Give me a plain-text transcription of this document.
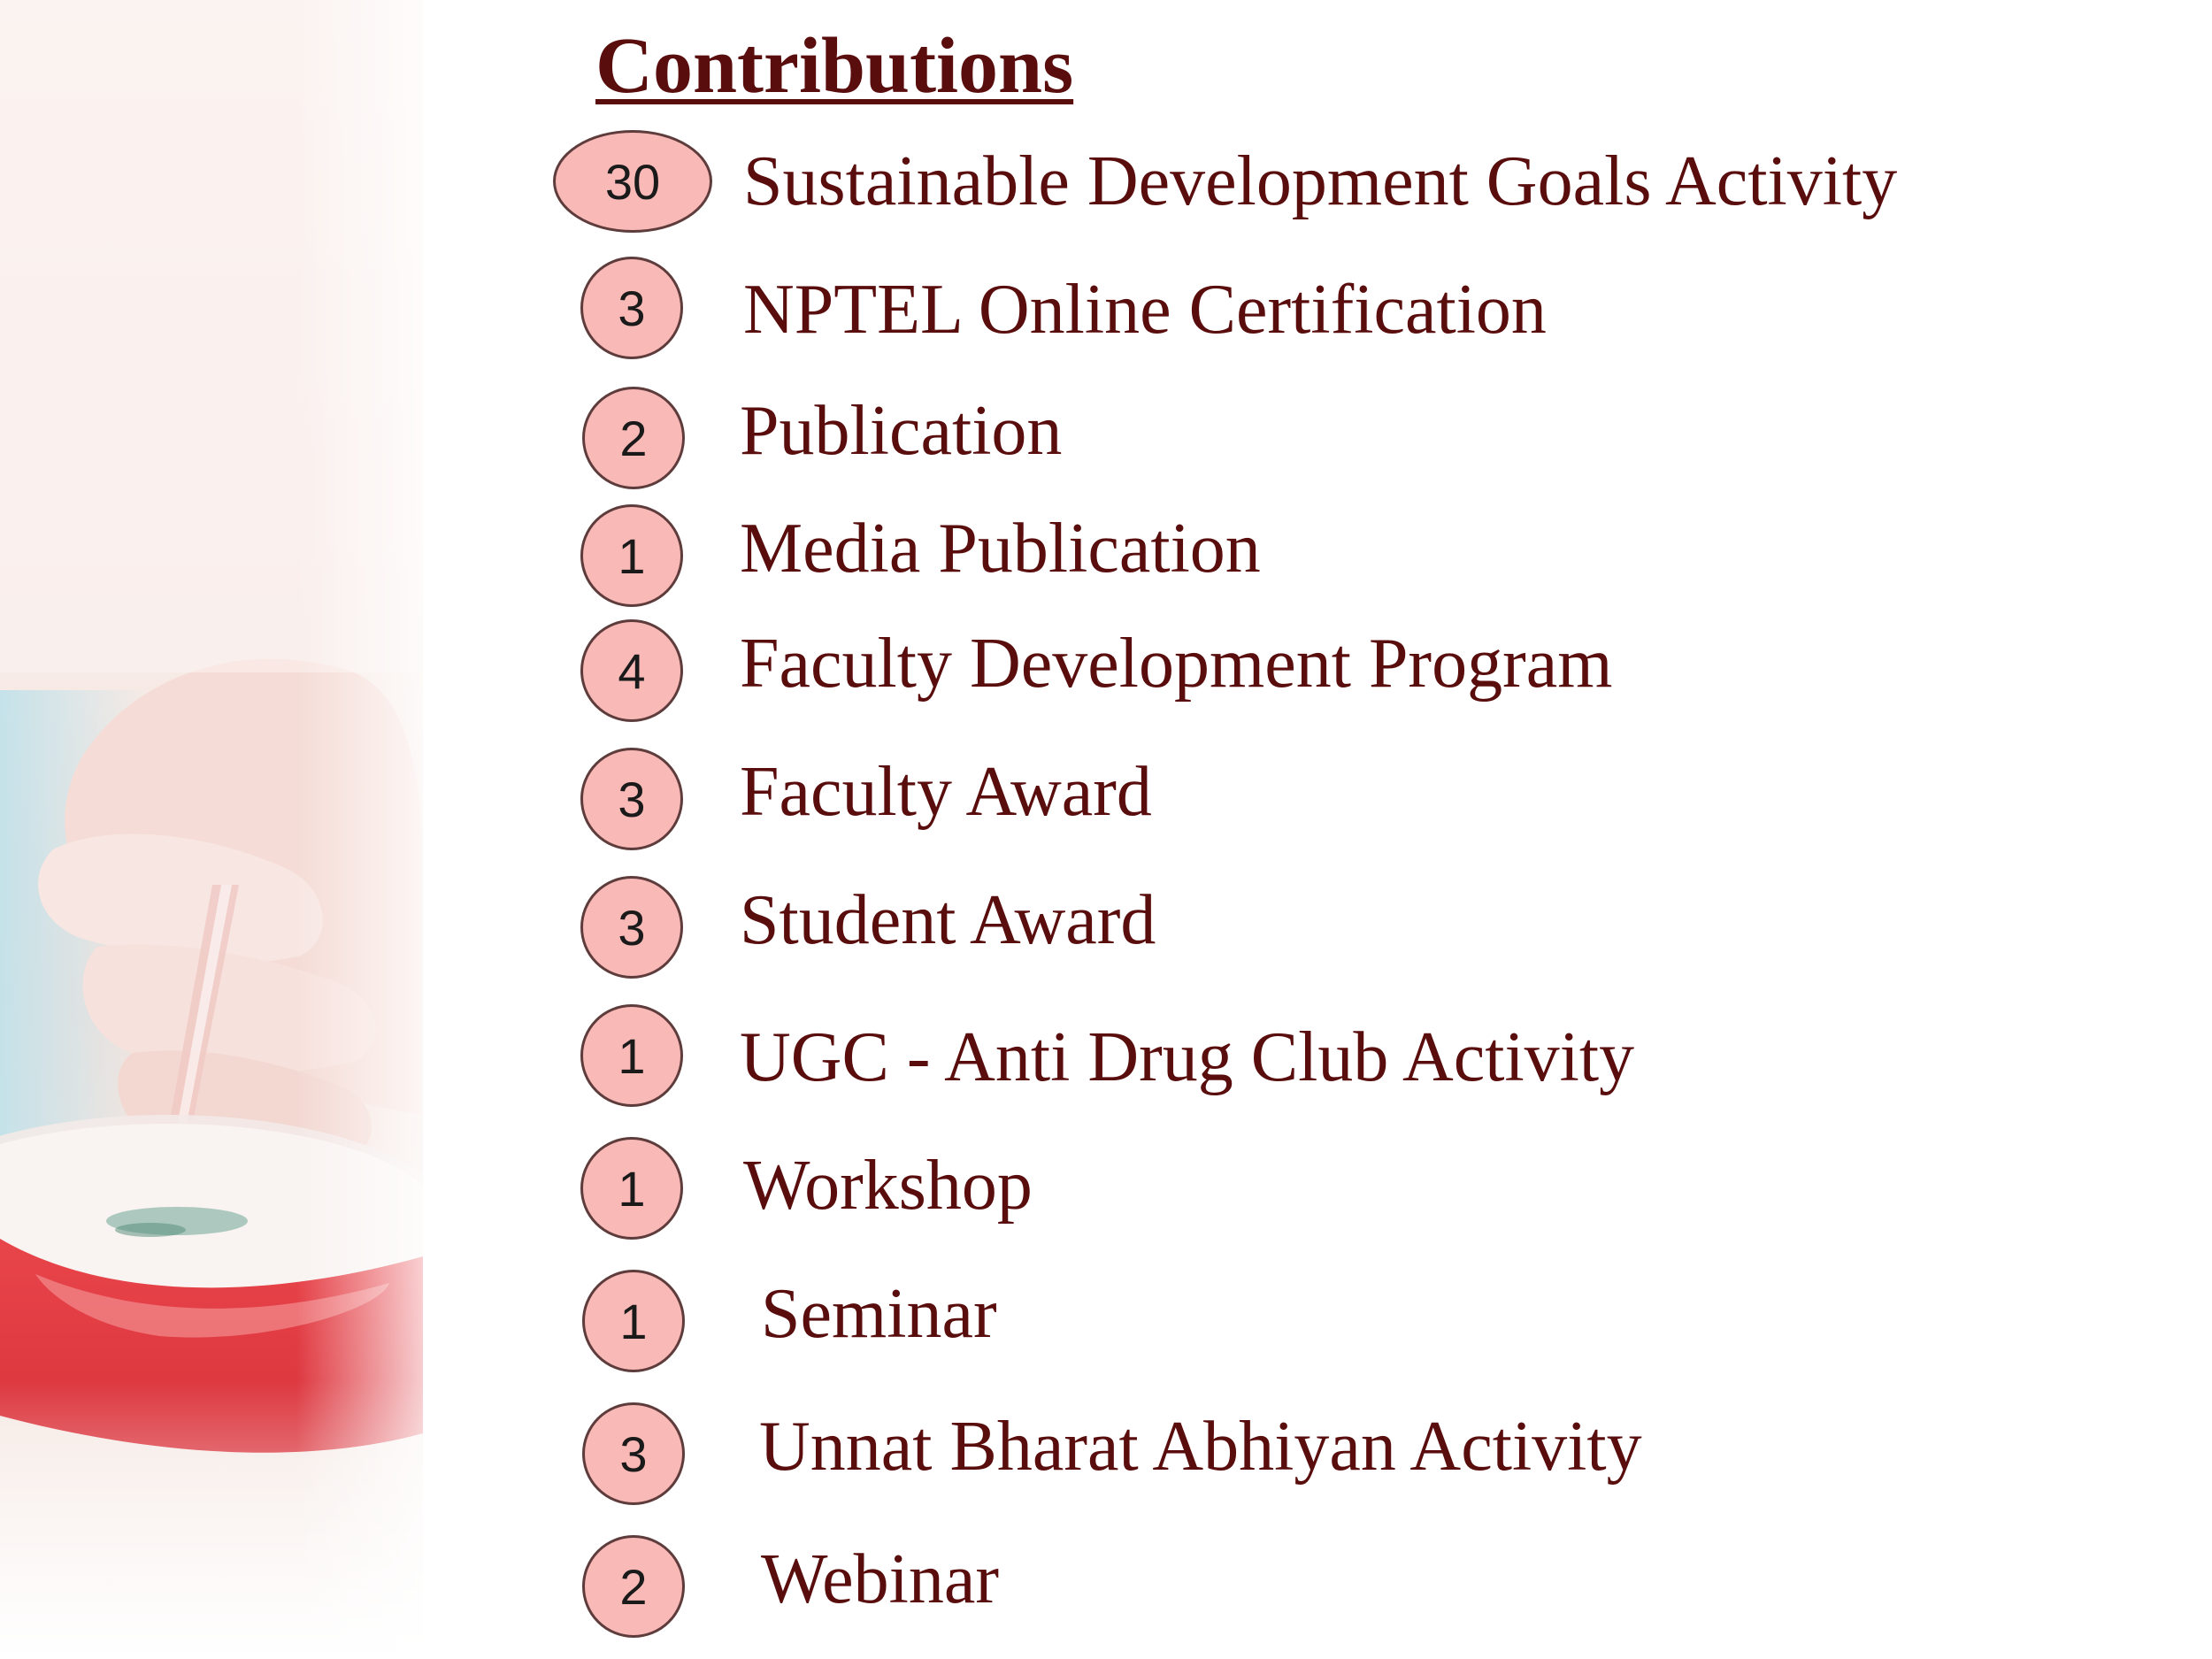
Contributions
30	Sustainable Development Goals Activity
3	NPTEL Online Certification
2	Publication
1	Media Publication
4	Faculty Development Program
3	Faculty Award
3	Student Award
1	UGC - Anti Drug Club Activity
1	Workshop
1	Seminar
3	Unnat Bharat Abhiyan Activity
2	Webinar
